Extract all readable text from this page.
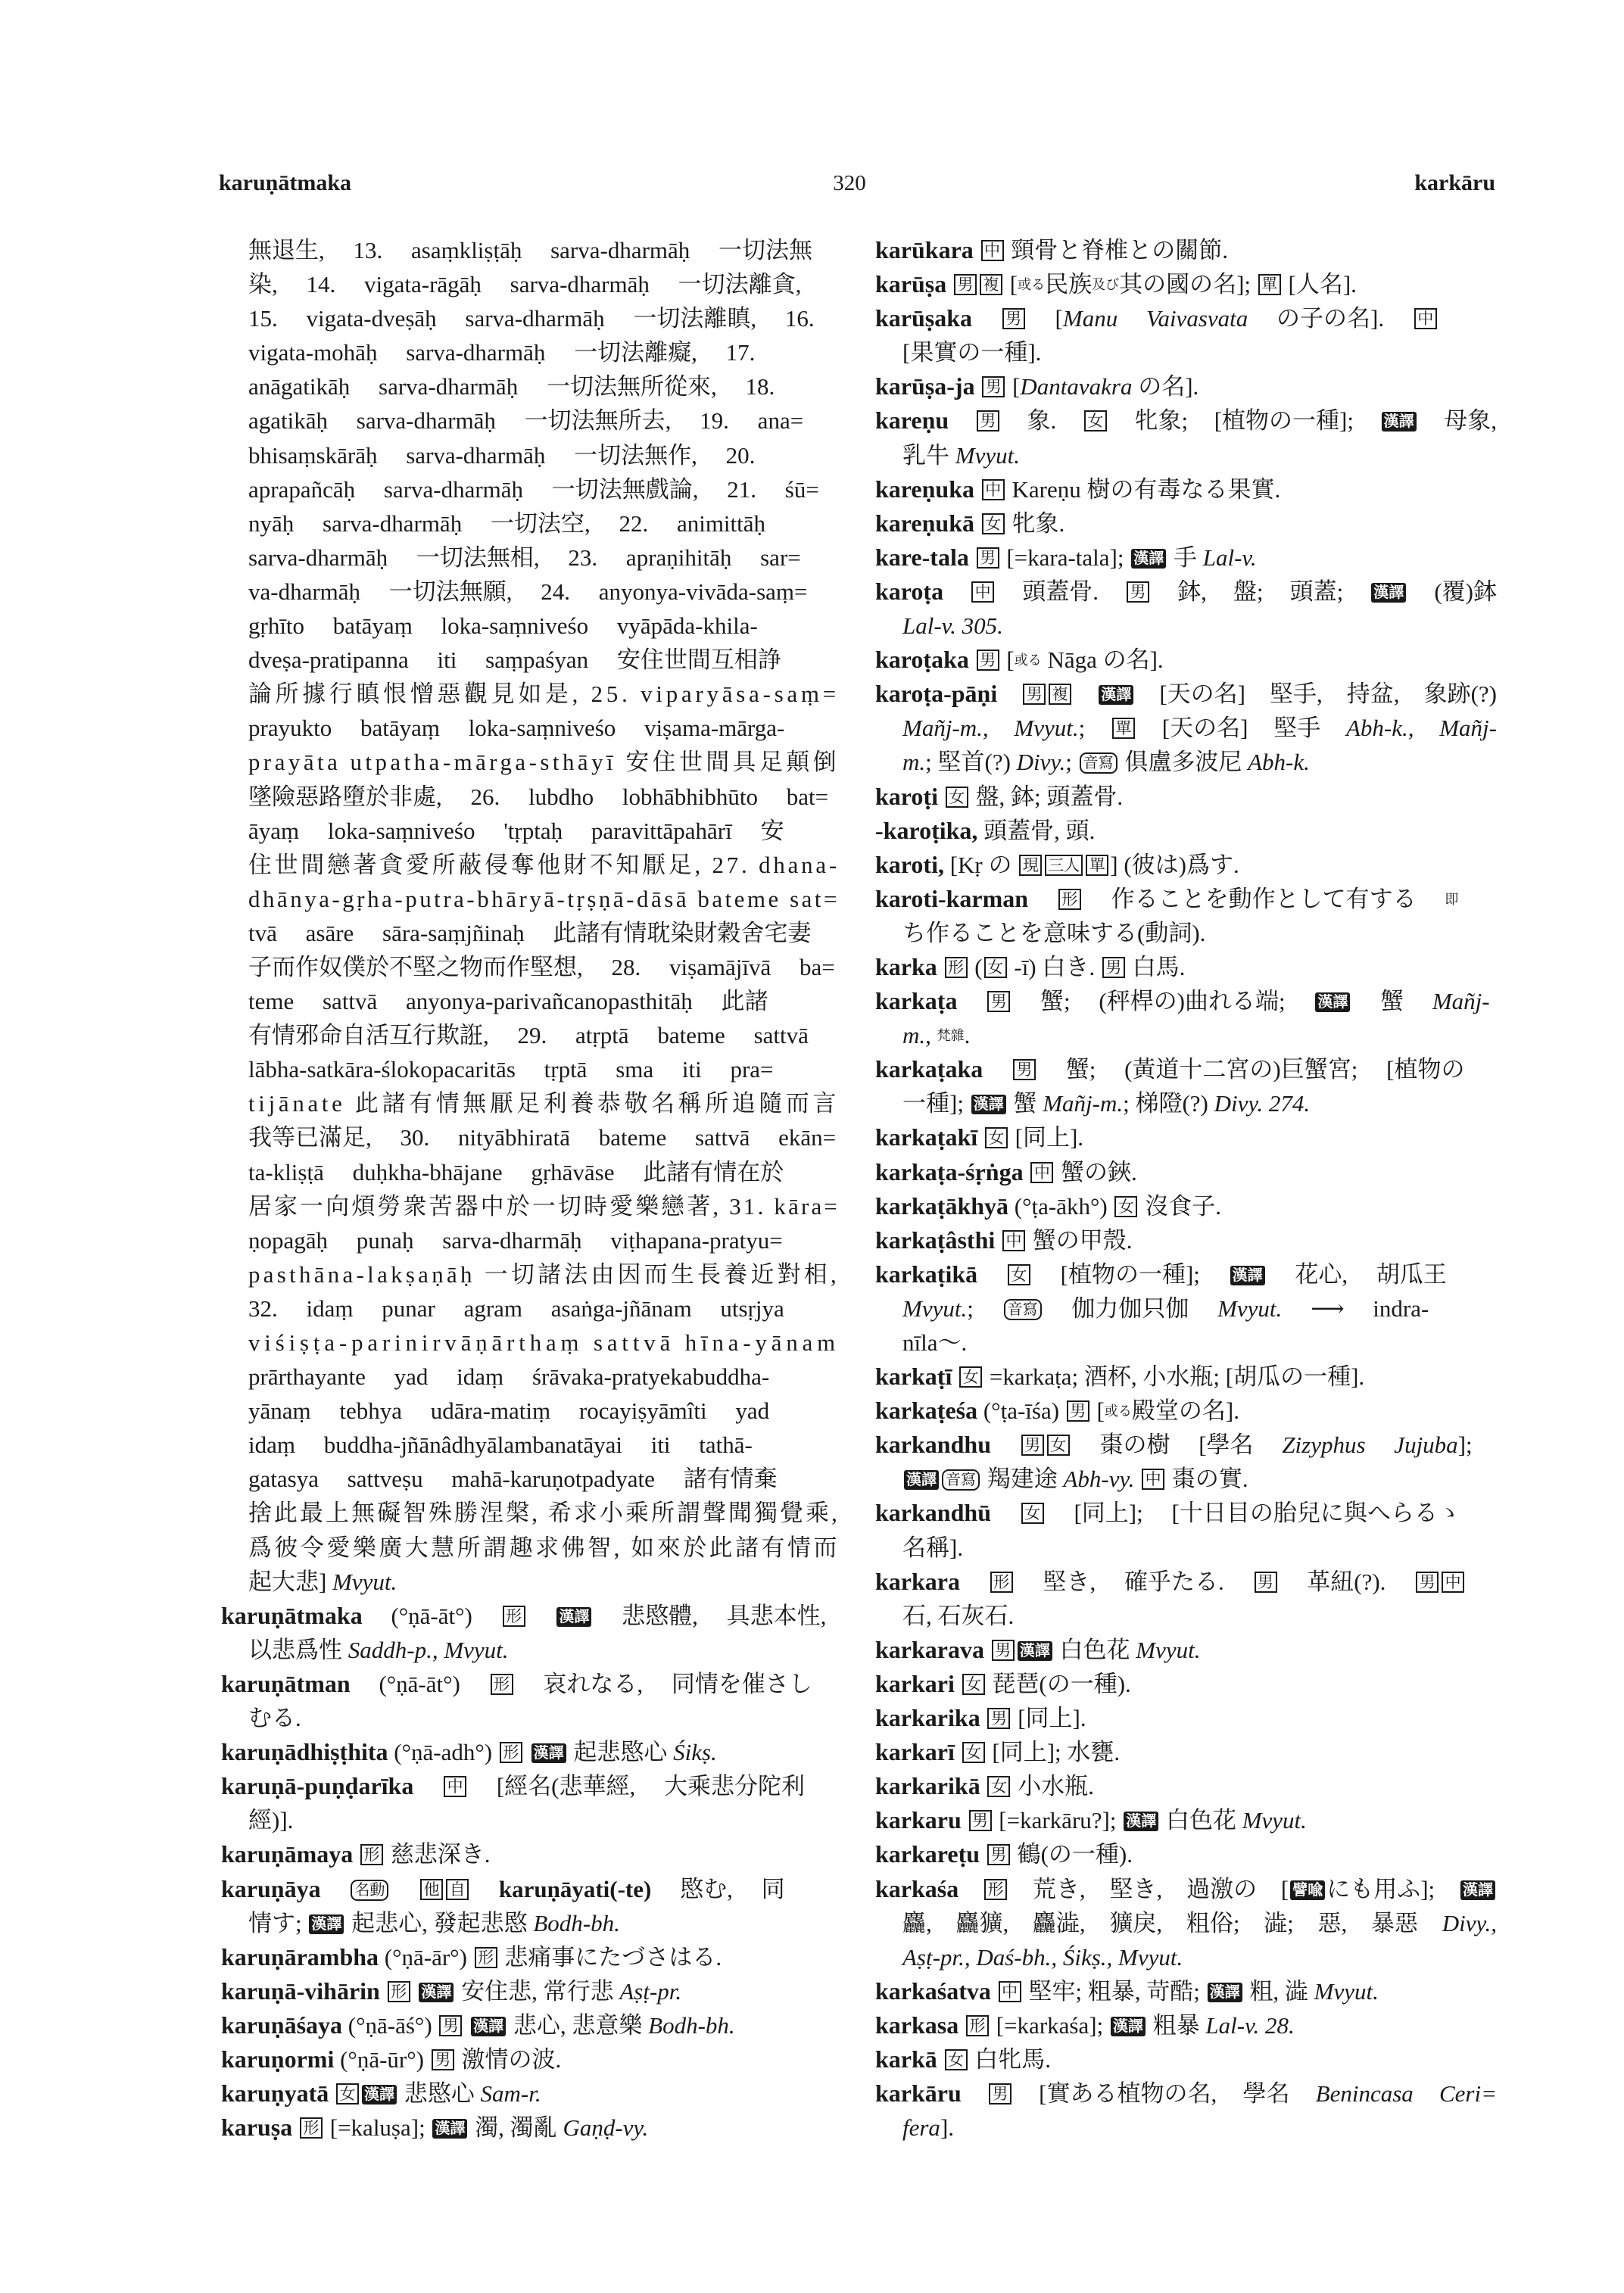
karuṇātmaka	320	karkāru
無退生, 13. asaṃkliṣṭāḥ sarva-dharmāḥ 一切法無
染, 14. vigata-rāgāḥ sarva-dharmāḥ 一切法離貪,
15. vigata-dveṣāḥ sarva-dharmāḥ 一切法離瞋, 16.
vigata-mohāḥ sarva-dharmāḥ 一切法離癡, 17.
anāgatikāḥ sarva-dharmāḥ 一切法無所從來, 18.
agatikāḥ sarva-dharmāḥ 一切法無所去, 19. ana=
bhisaṃskārāḥ sarva-dharmāḥ 一切法無作, 20.
aprapañcāḥ sarva-dharmāḥ 一切法無戲論, 21. śū=
nyāḥ sarva-dharmāḥ 一切法空, 22. animittāḥ
sarva-dharmāḥ 一切法無相, 23. apraṇihitāḥ sar=
va-dharmāḥ 一切法無願, 24. anyonya-vivāda-saṃ=
gṛhīto batāyaṃ loka-saṃniveśo vyāpāda-khila-
dveṣa-pratipanna iti saṃpaśyan 安住世間互相諍
論所據行瞋恨憎惡觀見如是, 25. viparyāsa-saṃ=
prayukto batāyaṃ loka-saṃniveśo viṣama-mārga-
prayāta utpatha-mārga-sthāyī 安住世間具足顛倒
墜險惡路墮於非處, 26. lubdho lobhābhibhūto bat=
āyaṃ loka-saṃniveśo 'tṛptaḥ paravittāpahārī 安
住世間戀著貪愛所蔽侵奪他財不知厭足, 27. dhana-
dhānya-gṛha-putra-bhāryā-tṛṣṇā-dāsā bateme sat=
tvā asāre sāra-saṃjñinaḥ 此諸有情耽染財穀舍宅妻
子而作奴僕於不堅之物而作堅想, 28. viṣamājīvā ba=
teme sattvā anyonya-parivañcanopasthitāḥ 此諸
有情邪命自活互行欺誑, 29. atṛptā bateme sattvā
lābha-satkāra-ślokopacaritās tṛptā sma iti pra=
tijānate 此諸有情無厭足利養恭敬名稱所追隨而言
我等已滿足, 30. nityābhiratā bateme sattvā ekān=
ta-kliṣṭā duḥkha-bhājane gṛhāvāse 此諸有情在於
居家一向煩勞衆苦器中於一切時愛樂戀著, 31. kāra=
ṇopagāḥ punaḥ sarva-dharmāḥ viṭhapana-pratyu=
pasthāna-lakṣaṇāḥ 一切諸法由因而生長養近對相,
32. idaṃ punar agram asaṅga-jñānam utsṛjya
viśiṣṭa-parinirvāṇārthaṃ sattvā hīna-yānam
prārthayante yad idaṃ śrāvaka-pratyekabuddha-
yānaṃ tebhya udāra-matiṃ rocayiṣyāmîti yad
idaṃ buddha-jñānâdhyālambanatāyai iti tathā-
gatasya sattveṣu mahā-karuṇotpadyate 諸有情棄
捨此最上無礙智殊勝涅槃, 希求小乘所謂聲聞獨覺乘,
爲彼令愛樂廣大慧所謂趣求佛智, 如來於此諸有情而
起大悲] Mvyut.
karuṇātmaka (°ṇā-āt°) 形 漢譯 悲愍體, 具悲本性,
以悲爲性 Saddh-p., Mvyut.
karuṇātman (°ṇā-āt°) 形 哀れなる, 同情を催さし
むる.
karuṇādhiṣṭhita (°ṇā-adh°) 形 漢譯 起悲愍心 Śikṣ.
karuṇā-puṇḍarīka 中 [經名(悲華經, 大乘悲分陀利
經)].
karuṇāmaya 形 慈悲深き.
karuṇāya 名動 他 自 karuṇāyati(-te) 愍む, 同
情す; 漢譯 起悲心, 發起悲愍 Bodh-bh.
karuṇārambha (°ṇā-ār°) 形 悲痛事にたづさはる.
karuṇā-vihārin 形 漢譯 安住悲, 常行悲 Aṣṭ-pr.
karuṇāśaya (°ṇā-āś°) 男 漢譯 悲心, 悲意樂 Bodh-bh.
karuṇormi (°ṇā-ūr°) 男 激情の波.
karuṇyatā 女 漢譯 悲愍心 Sam-r.
karuṣa 形 [=kaluṣa]; 漢譯 濁, 濁亂 Gaṇḍ-vy.
karūkara 中 頸骨と脊椎との關節.
karūṣa 男 複 [或る民族及び其の國の名]; 單 [人名].
karūṣaka 男 [Manu Vaivasvata の子の名]. 中
[果實の一種].
karūṣa-ja 男 [Dantavakra の名].
kareṇu 男 象. 女 牝象; [植物の一種]; 漢譯 母象,
乳牛 Mvyut.
kareṇuka 中 Kareṇu 樹の有毒なる果實.
kareṇukā 女 牝象.
kare-tala 男 [=kara-tala]; 漢譯 手 Lal-v.
karoṭa 中 頭蓋骨. 男 鉢, 盤; 頭蓋; 漢譯 (覆)鉢
Lal-v. 305.
karoṭaka 男 [或る Nāga の名].
karoṭa-pāṇi 男 複 漢譯 [天の名] 堅手, 持盆, 象跡(?)
Mañj-m., Mvyut.; 單 [天の名] 堅手 Abh-k., Mañj-
m.; 堅首(?) Divy.; 音寫 俱盧多波尼 Abh-k.
karoṭi 女 盤, 鉢; 頭蓋骨.
-karoṭika, 頭蓋骨, 頭.
karoti, [Kṛ の 現 三人 單 ] (彼は)爲す.
karoti-karman 形 作ることを動作として有する 即
ち作ることを意味する(動詞).
karka 形 ( 女 -ī) 白き. 男 白馬.
karkaṭa 男 蟹; (秤桿の)曲れる端; 漢譯 蟹 Mañj-
m., 梵雜.
karkaṭaka 男 蟹; (黃道十二宮の)巨蟹宮; [植物の
一種]; 漢譯 蟹 Mañj-m.; 梯隥(?) Divy. 274.
karkaṭakī 女 [同上].
karkaṭa-śṛṅga 中 蟹の鋏.
karkaṭākhyā (°ṭa-ākh°) 女 沒食子.
karkaṭâsthi 中 蟹の甲殼.
karkaṭikā 女 [植物の一種]; 漢譯 花心, 胡瓜王
Mvyut.; 音寫 伽力伽只伽 Mvyut. ⟶ indra-
nīla〜.
karkaṭī 女 =karkaṭa; 酒杯, 小水瓶; [胡瓜の一種].
karkaṭeśa (°ṭa-īśa) 男 [或る殿堂の名].
karkandhu 男 女 棗の樹 [學名 Zizyphus Jujuba];
漢譯 音寫 羯建途 Abh-vy. 中 棗の實.
karkandhū 女 [同上]; [十日目の胎兒に與へらるゝ
名稱].
karkara 形 堅き, 確乎たる. 男 革紐(?). 男 中
石, 石灰石.
karkarava 男 漢譯 白色花 Mvyut.
karkari 女 琵琶(の一種).
karkarika 男 [同上].
karkarī 女 [同上]; 水甕.
karkarikā 女 小水瓶.
karkaru 男 [=karkāru?]; 漢譯 白色花 Mvyut.
karkareṭu 男 鶴(の一種).
karkaśa 形 荒き, 堅き, 過激の [ 譬喩 にも用ふ]; 漢譯
麤, 麤獷, 麤澁, 獷戾, 粗俗; 澁; 惡, 暴惡 Divy.,
Aṣṭ-pr., Daś-bh., Śikṣ., Mvyut.
karkaśatva 中 堅牢; 粗暴, 苛酷; 漢譯 粗, 澁 Mvyut.
karkasa 形 [=karkaśa]; 漢譯 粗暴 Lal-v. 28.
karkā 女 白牝馬.
karkāru 男 [實ある植物の名, 學名 Benincasa Ceri=
fera].
